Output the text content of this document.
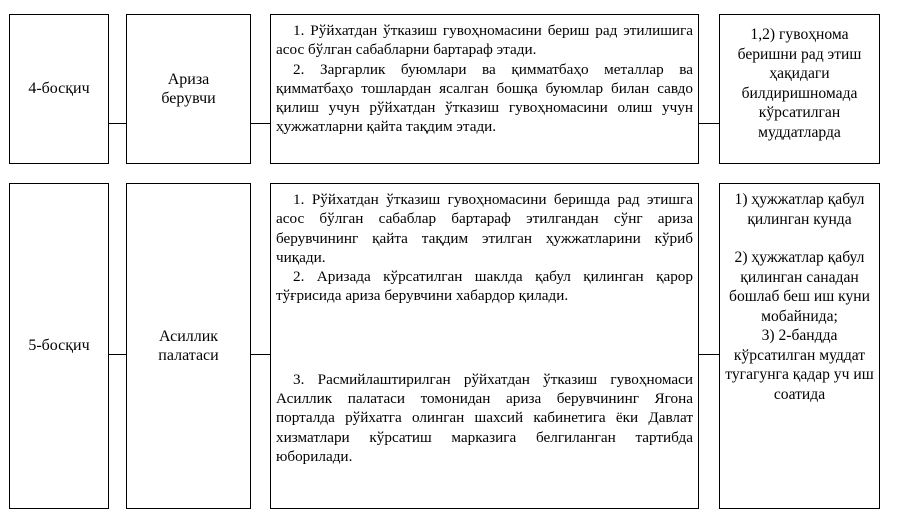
4-босқич
Ариза
берувчи

1. Рўйхатдан ўтказиш гувоҳномасини бериш рад этилишига асос бўлган сабабларни бартараф этади.

2. Заргарлик буюмлари ва қимматбаҳо металлар ва қимматбаҳо тошлардан ясалган бошқа буюмлар билан савдо қилиш учун рўйхатдан ўтказиш гувоҳномасини олиш учун ҳужжатларни қайта тақдим этади.

1,2) гувоҳнома беришни рад этиш ҳақидаги билдиришномада кўрсатилган муддатларда

5-босқич
Асиллик
палатаси

1. Рўйхатдан ўтказиш гувоҳномасини беришда рад этишга асос бўлган сабаблар бартараф этилгандан сўнг ариза берувчининг қайта тақдим этилган ҳужжатларини кўриб чиқади.

2. Аризада кўрсатилган шаклда қабул қилинган қарор тўғрисида ариза берувчини хабардор қилади.

3. Расмийлаштирилган рўйхатдан ўтказиш гувоҳномаси Асиллик палатаси томонидан ариза берувчининг Ягона порталда рўйхатга олинган шахсий кабинетига ёки Давлат хизматлари кўрсатиш марказига белгиланган тартибда юборилади.

1) ҳужжатлар қабул қилинган кунда

2) ҳужжатлар қабул қилинган санадан бошлаб беш иш куни мобайнида;

3) 2-бандда кўрсатилган муддат тугагунга қадар уч иш соатида
